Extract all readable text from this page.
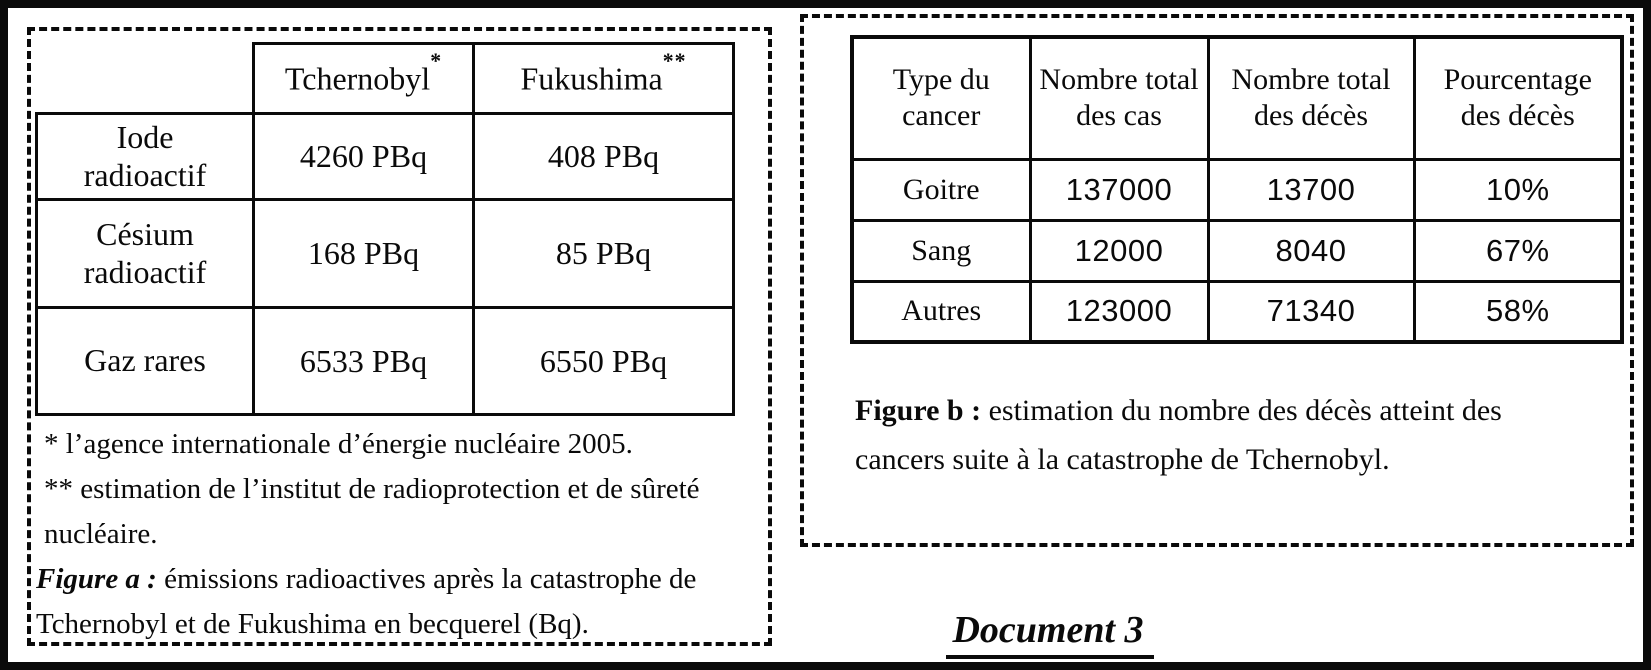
	Tchernobyl*	Fukushima**
Iode radioactif	4260 PBq	408 PBq
Césium radioactif	168 PBq	85 PBq
Gaz rares	6533 PBq	6550 PBq
* l’agence internationale d’énergie nucléaire 2005.
** estimation de l’institut de radioprotection et de sûreté nucléaire.
Figure a : émissions radioactives après la catastrophe de Tchernobyl et de Fukushima en becquerel (Bq).
Type du cancer	Nombre total des cas	Nombre total des décès	Pourcentage des décès
Goitre	137000	13700	10%
Sang	12000	8040	67%
Autres	123000	71340	58%
Figure b : estimation du nombre des décès atteint des cancers suite à la catastrophe de Tchernobyl.
Document 3
